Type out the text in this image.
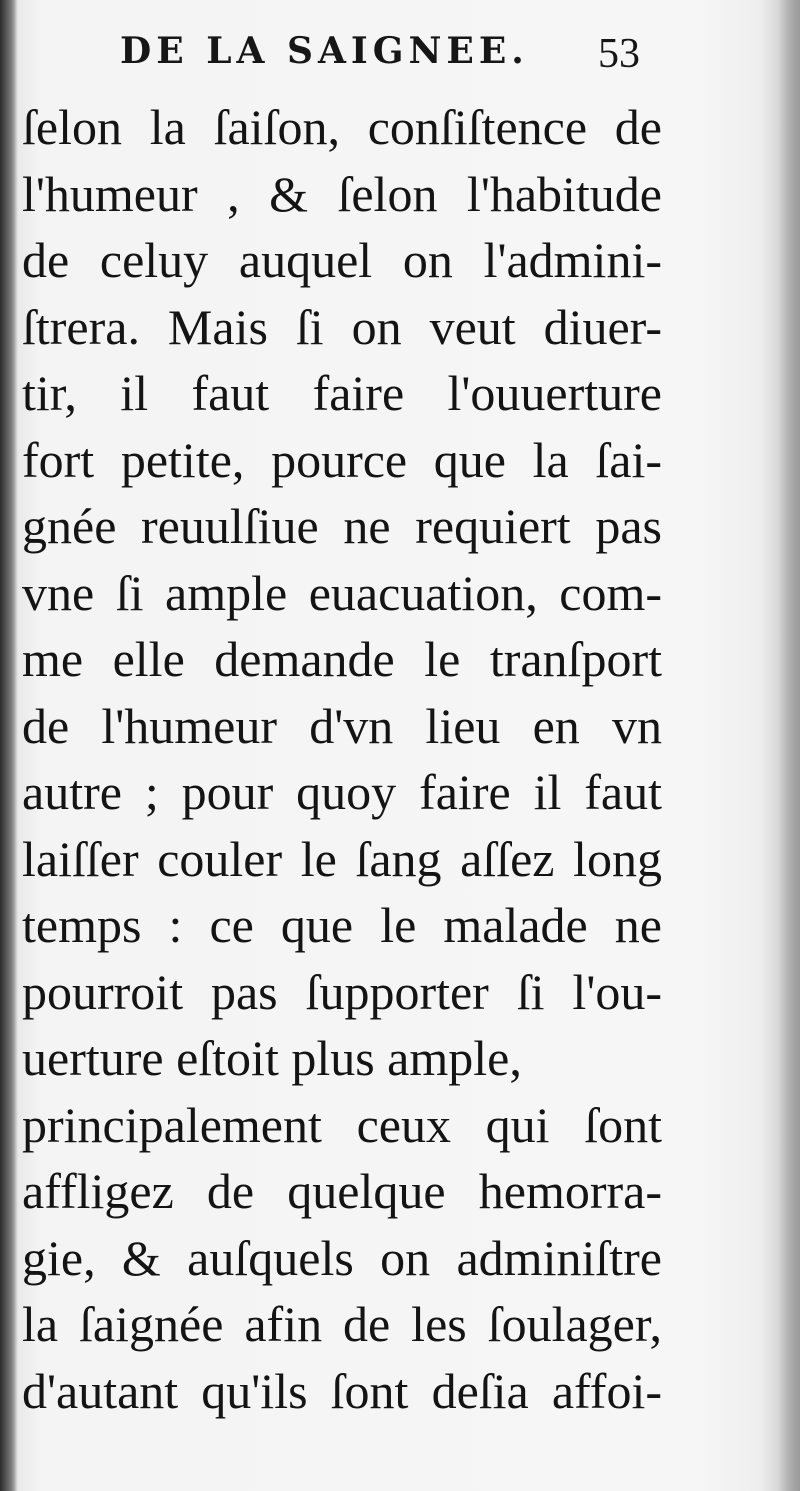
DE LA SAIGNEE. 53
ſelon la ſaiſon, conſiſtence de
l'humeur , & ſelon l'habitude
de celuy auquel on l'admini-
ſtrera. Mais ſi on veut diuer-
tir, il faut faire l'ouuerture
fort petite, pource que la ſai-
gnée reuulſiue ne requiert pas
vne ſi ample euacuation, com-
me elle demande le tranſport
de l'humeur d'vn lieu en vn
autre ; pour quoy faire il faut
laiſſer couler le ſang aſſez long
temps : ce que le malade ne
pourroit pas ſupporter ſi l'ou-
uerture eſtoit plus ample,
principalement ceux qui ſont
affligez de quelque hemorra-
gie, & auſquels on adminiſtre
la ſaignée afin de les ſoulager,
d'autant qu'ils ſont deſia affoi-
